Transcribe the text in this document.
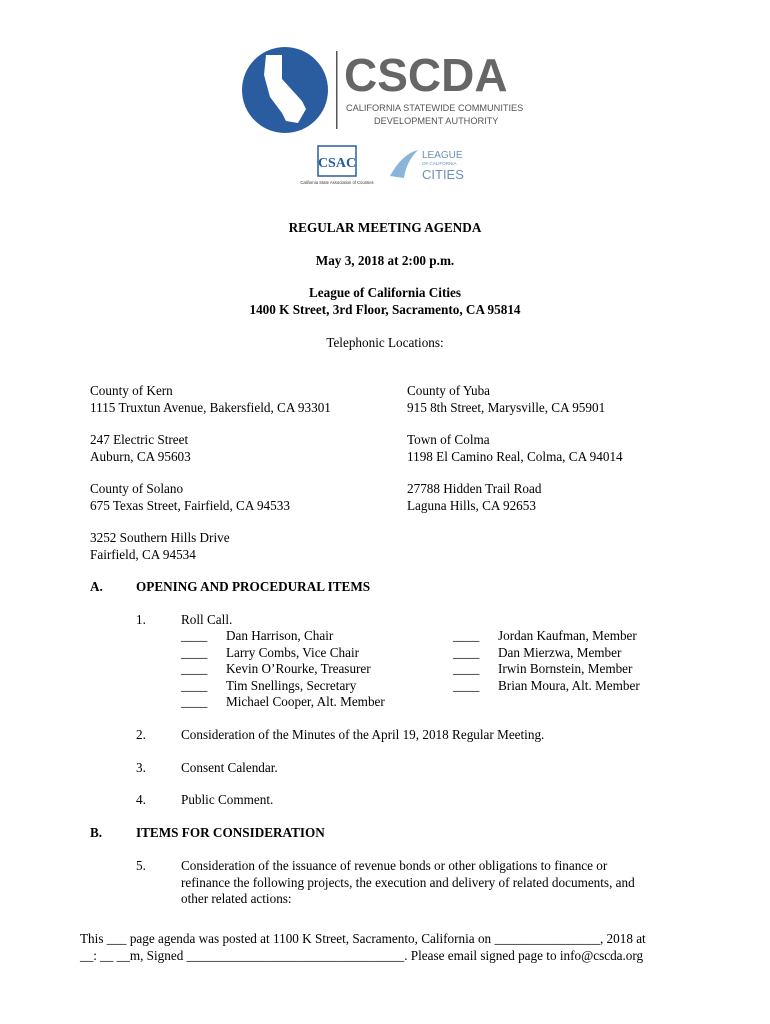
CSCDA
CALIFORNIA STATEWIDE COMMUNITIES
DEVELOPMENT AUTHORITY
CSAC
California State Association of Counties
LEAGUE
OF CALIFORNIA
CITIES
REGULAR MEETING AGENDA
May 3, 2018 at 2:00 p.m.
League of California Cities
1400 K Street, 3rd Floor, Sacramento, CA 95814
Telephonic Locations:
County of Kern
1115 Truxtun Avenue, Bakersfield, CA 93301
County of Yuba
915 8th Street, Marysville, CA 95901
247 Electric Street
Auburn, CA 95603
Town of Colma
1198 El Camino Real, Colma, CA 94014
County of Solano
675 Texas Street, Fairfield, CA 94533
27788 Hidden Trail Road
Laguna Hills, CA 92653
3252 Southern Hills Drive
Fairfield, CA 94534
A.	OPENING AND PROCEDURAL ITEMS
1.	Roll Call.
____ Dan Harrison, Chair
____ Larry Combs, Vice Chair
____ Kevin O’Rourke, Treasurer
____ Tim Snellings, Secretary
____ Michael Cooper, Alt. Member
____ Jordan Kaufman, Member
____ Dan Mierzwa, Member
____ Irwin Bornstein, Member
____ Brian Moura, Alt. Member
2.	Consideration of the Minutes of the April 19, 2018 Regular Meeting.
3.	Consent Calendar.
4.	Public Comment.
B.	ITEMS FOR CONSIDERATION
5.	Consideration of the issuance of revenue bonds or other obligations to finance or
refinance the following projects, the execution and delivery of related documents, and
other related actions:
This ___ page agenda was posted at 1100 K Street, Sacramento, California on ________________, 2018 at
__: __ __m, Signed _________________________________. Please email signed page to info@cscda.org
